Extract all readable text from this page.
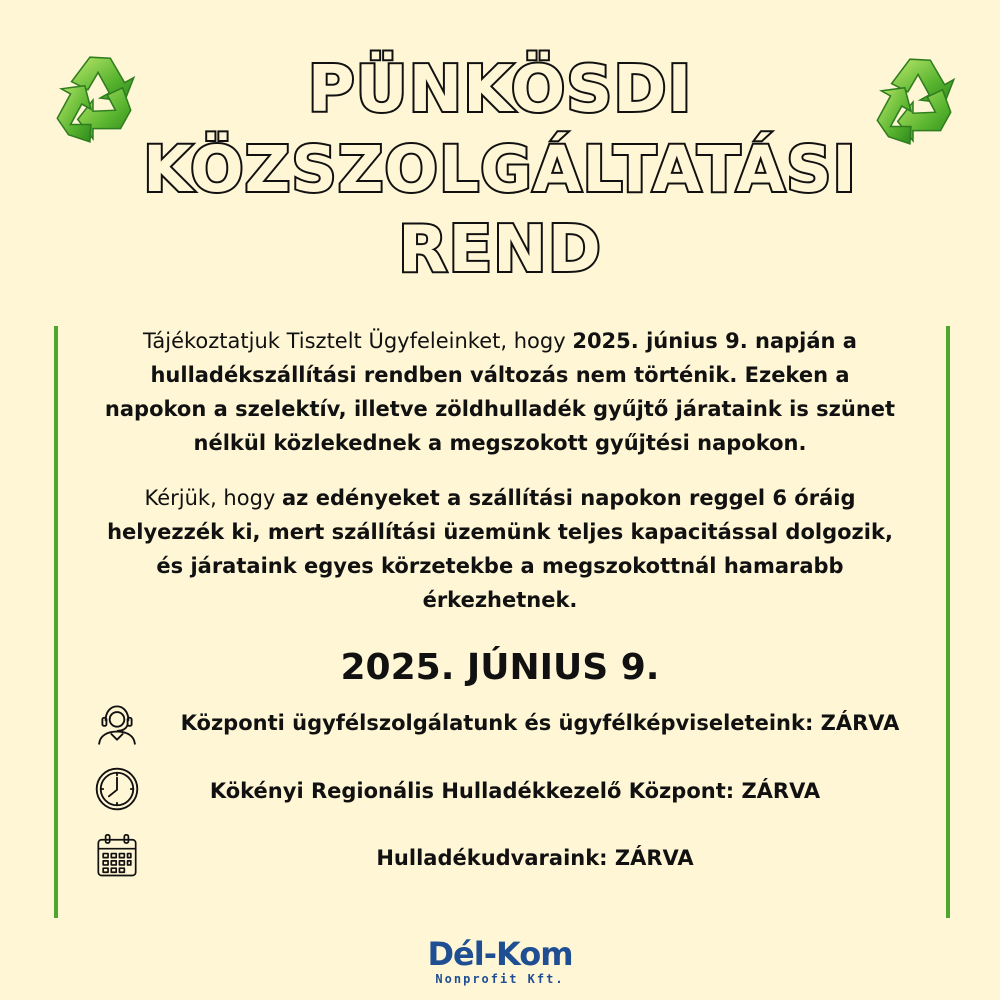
PÜNKÖSDI
KÖZSZOLGÁLTATÁSI
REND
Tájékoztatjuk Tisztelt Ügyfeleinket, hogy 2025. június 9. napján a hulladékszállítási rendben változás nem történik. Ezeken a napokon a szelektív, illetve zöldhulladék gyűjtő járataink is szünet nélkül közlekednek a megszokott gyűjtési napokon.
Kérjük, hogy az edényeket a szállítási napokon reggel 6 óráig helyezzék ki, mert szállítási üzemünk teljes kapacitással dolgozik, és járataink egyes körzetekbe a megszokottnál hamarabb érkezhetnek.
2025. JÚNIUS 9.
Központi ügyfélszolgálatunk és ügyfélképviseleteink: ZÁRVA
Kökényi Regionális Hulladékkezelő Központ: ZÁRVA
Hulladékudvaraink: ZÁRVA
Dél-Kom
Nonprofit Kft.
